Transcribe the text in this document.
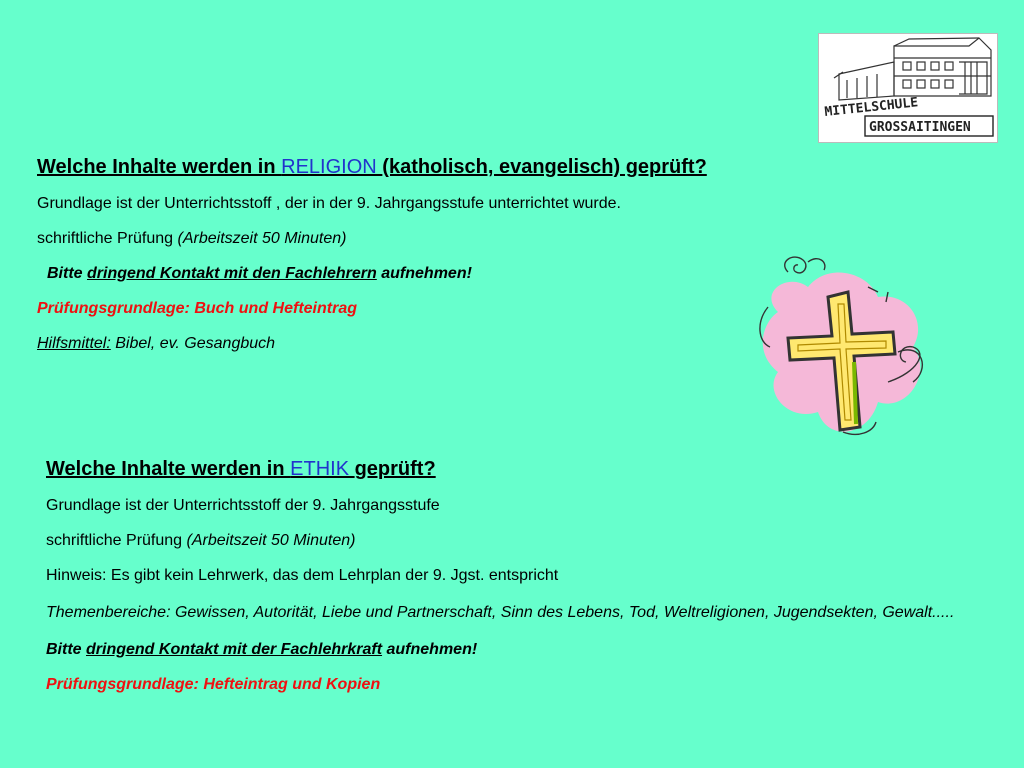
MITTELSCHULE
GROSSAITINGEN

Welche Inhalte werden in RELIGION (katholisch, evangelisch) geprüft?

Grundlage ist der Unterrichtsstoff , der in der 9. Jahrgangsstufe unterrichtet wurde.

schriftliche Prüfung (Arbeitszeit 50 Minuten)

Bitte dringend Kontakt mit den Fachlehrern aufnehmen!

Prüfungsgrundlage: Buch und Hefteintrag

Hilfsmittel: Bibel, ev. Gesangbuch

Welche Inhalte werden in ETHIK geprüft?

Grundlage ist der Unterrichtsstoff der 9. Jahrgangsstufe

schriftliche Prüfung (Arbeitszeit 50 Minuten)

Hinweis: Es gibt kein Lehrwerk, das dem Lehrplan der 9. Jgst. entspricht

Themenbereiche: Gewissen, Autorität, Liebe und Partnerschaft, Sinn des Lebens, Tod, Weltreligionen, Jugendsekten, Gewalt.....

Bitte dringend Kontakt mit der Fachlehrkraft aufnehmen!

Prüfungsgrundlage: Hefteintrag und Kopien
